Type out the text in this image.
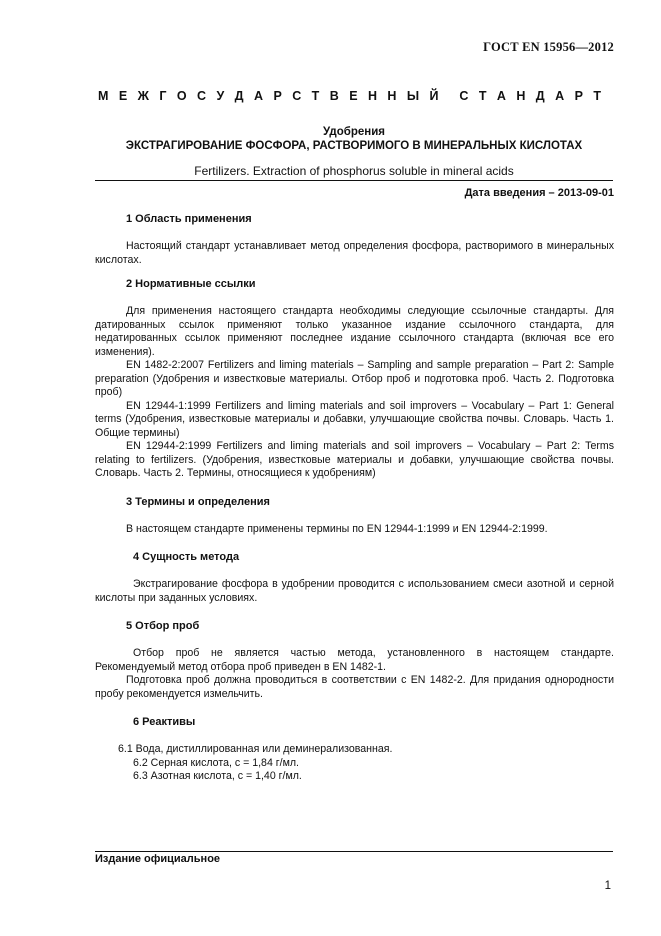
ГОСТ EN 15956—2012
М Е Ж Г О С У Д А Р С Т В Е Н Н Ы Й С Т А Н Д А Р Т
Удобрения
ЭКСТРАГИРОВАНИЕ ФОСФОРА, РАСТВОРИМОГО В МИНЕРАЛЬНЫХ КИСЛОТАХ
Fertilizers. Extraction of phosphorus soluble in mineral acids
Дата введения – 2013-09-01

1 Область применения

Настоящий стандарт устанавливает метод определения фосфора, растворимого в минеральных кислотах.

2 Нормативные ссылки

Для применения настоящего стандарта необходимы следующие ссылочные стандарты. Для датированных ссылок применяют только указанное издание ссылочного стандарта, для недатированных ссылок применяют последнее издание ссылочного стандарта (включая все его изменения).

EN 1482-2:2007 Fertilizers and liming materials – Sampling and sample preparation – Part 2: Sample preparation (Удобрения и известковые материалы. Отбор проб и подготовка проб. Часть 2. Подготовка проб)

EN 12944-1:1999 Fertilizers and liming materials and soil improvers – Vocabulary – Part 1: General terms (Удобрения, известковые материалы и добавки, улучшающие свойства почвы. Словарь. Часть 1. Общие термины)

EN 12944-2:1999 Fertilizers and liming materials and soil improvers – Vocabulary – Part 2: Terms relating to fertilizers. (Удобрения, известковые материалы и добавки, улучшающие свойства почвы. Словарь. Часть 2. Термины, относящиеся к удобрениям)

3 Термины и определения

В настоящем стандарте применены термины по EN 12944-1:1999 и EN 12944-2:1999.

4 Сущность метода

Экстрагирование фосфора в удобрении проводится с использованием смеси азотной и серной кислоты при заданных условиях.

5 Отбор проб

Отбор проб не является частью метода, установленного в настоящем стандарте. Рекомендуемый метод отбора проб приведен в EN 1482-1.

Подготовка проб должна проводиться в соответствии с EN 1482-2. Для придания однородности пробу рекомендуется измельчить.

6 Реактивы

6.1 Вода, дистиллированная или деминерализованная.

6.2 Серная кислота, c = 1,84 г/мл.

6.3 Азотная кислота, c = 1,40 г/мл.

Издание официальное
1
